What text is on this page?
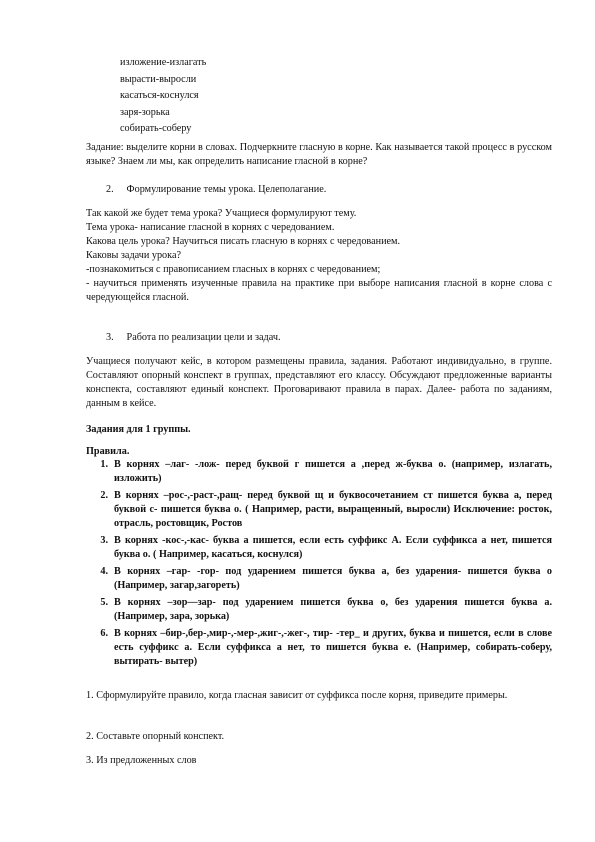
изложение-излагать
вырасти-выросли
касаться-коснулся
заря-зорька
собирать-соберу
Задание: выделите корни в словах. Подчеркните гласную в корне. Как называется такой процесс в русском языке? Знаем ли мы, как определить написание гласной в корне?
2. Формулирование темы урока. Целеполагание.
Так какой же будет тема урока? Учащиеся формулируют тему.
Тема урока- написание гласной в корнях с чередованием.
Какова цель урока? Научиться писать гласную в корнях с чередованием.
Каковы задачи урока?
-познакомиться с правописанием гласных в корнях с чередованием;
- научиться применять изученные правила на практике при выборе написания гласной в корне слова с чередующейся гласной.
3. Работа по реализации цели и задач.
Учащиеся получают кейс, в котором размещены правила, задания. Работают индивидуально, в группе. Составляют опорный конспект в группах, представляют его классу. Обсуждают предложенные варианты конспекта, составляют единый конспект. Проговаривают правила в парах. Далее- работа по заданиям, данным в кейсе.
Задания для 1 группы.
Правила.
1. В корнях –лаг- -лож- перед буквой г пишется а ,перед ж-буква о. (например, излагать, изложить)
2. В корнях –рос-,-раст-,ращ- перед буквой щ и буквосочетанием ст пишется буква а, перед буквой с- пишется буква о. ( Например, расти, выращенный, выросли) Исключение: росток, отрасль, ростовщик, Ростов
3. В корнях -кос-,-кас- буква а пишется, если есть суффикс А. Если суффикса а нет, пишется буква о. ( Например, касаться, коснулся)
4. В корнях –гар- -гор- под ударением пишется буква а, без ударения- пишется буква о (Например, загар,загореть)
5. В корнях –зор—зар- под ударением пишется буква о, без ударения пишется буква а. (Например, зара, зорька)
6. В корнях –бир-,бер-,мир-,-мер-,жиг-,-жег-, тир- -тер_ и других, буква и пишется, если в слове есть суффикс а. Если суффикса а нет, то пишется буква е. (Например, собирать-соберу, вытирать- вытер)
1. Сформулируйте правило, когда гласная зависит от суффикса после корня, приведите примеры.
2. Составьте опорный конспект.
3. Из предложенных слов
